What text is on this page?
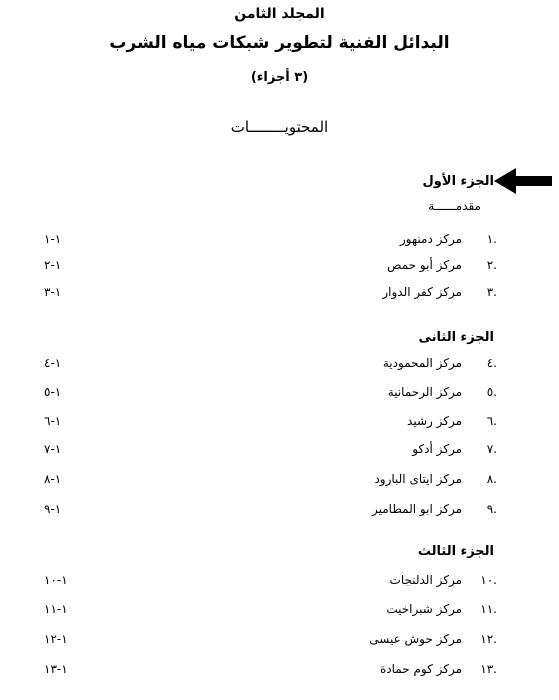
المجلد الثامن
البدائل الفنية لتطوير شبكات مياه الشرب
(٣ أجزاء)
المحتويــــــــات
الجزء الأول
مقدمــــــة
.١
مركز دمنهور
١-١
.٢
مركز أبو حمص
١-٢
.٣
مركز كفر الدوار
١-٣
الجزء الثانى
.٤
مركز المحمودية
١-٤
.٥
مركز الرحمانية
١-٥
.٦
مركز رشيد
١-٦
.٧
مركز أدكو
١-٧
.٨
مركز ايتاى البارود
١-٨
.٩
مركز ابو المطامير
١-٩
الجزء الثالث
.١٠
مركز الدلنجات
١-١٠
.١١
مركز شبراخيت
١-١١
.١٢
مركز حوش عيسى
١-١٢
.١٣
مركز كوم حمادة
١-١٣
